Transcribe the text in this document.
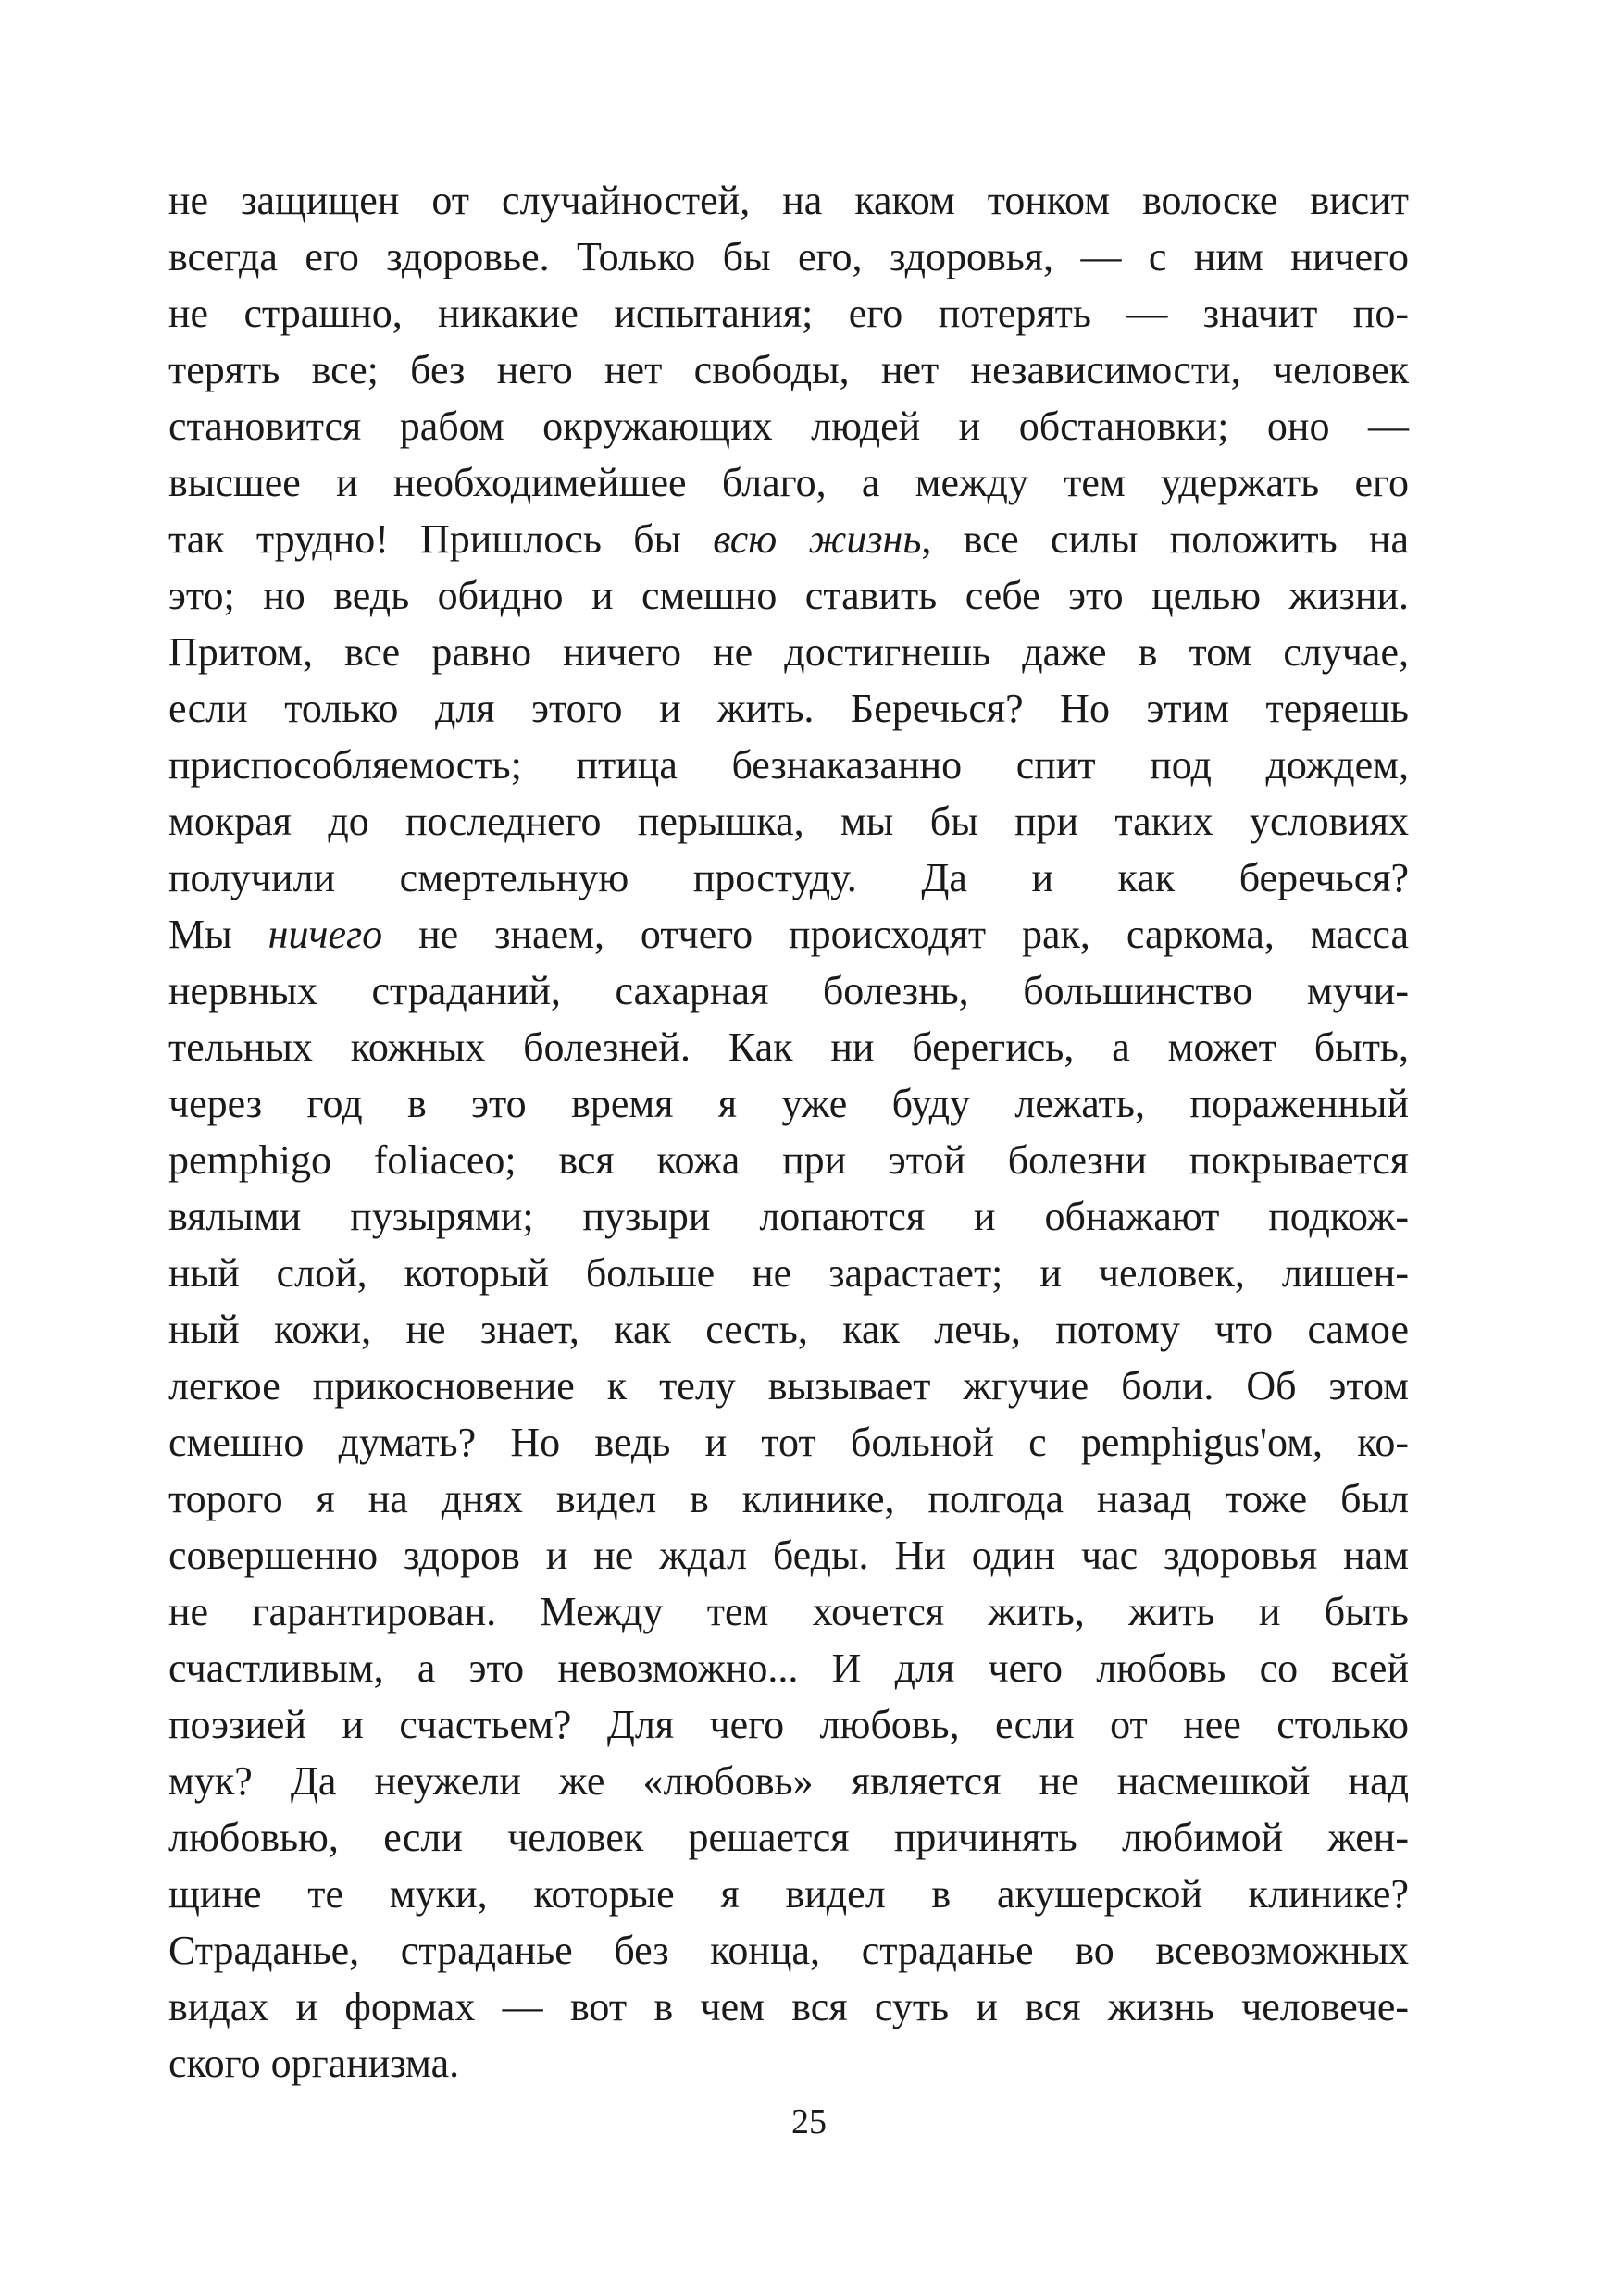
не защищен от случайностей, на каком тонком волоске висит
всегда его здоровье. Только бы его, здоровья, — с ним ничего
не страшно, никакие испытания; его потерять — значит по-
терять все; без него нет свободы, нет независимости, человек
становится рабом окружающих людей и обстановки; оно —
высшее и необходимейшее благо, а между тем удержать его
так трудно! Пришлось бы всю жизнь, все силы положить на
это; но ведь обидно и смешно ставить себе это целью жизни.
Притом, все равно ничего не достигнешь даже в том случае,
если только для этого и жить. Беречься? Но этим теряешь
приспособляемость; птица безнаказанно спит под дождем,
мокрая до последнего перышка, мы бы при таких условиях
получили смертельную простуду. Да и как беречься?
Мы ничего не знаем, отчего происходят рак, саркома, масса
нервных страданий, сахарная болезнь, большинство мучи-
тельных кожных болезней. Как ни берегись, а может быть,
через год в это время я уже буду лежать, пораженный
pemphigo foliaceo; вся кожа при этой болезни покрывается
вялыми пузырями; пузыри лопаются и обнажают подкож-
ный слой, который больше не зарастает; и человек, лишен-
ный кожи, не знает, как сесть, как лечь, потому что самое
легкое прикосновение к телу вызывает жгучие боли. Об этом
смешно думать? Но ведь и тот больной с pemphigus'ом, ко-
торого я на днях видел в клинике, полгода назад тоже был
совершенно здоров и не ждал беды. Ни один час здоровья нам
не гарантирован. Между тем хочется жить, жить и быть
счастливым, а это невозможно... И для чего любовь со всей
поэзией и счастьем? Для чего любовь, если от нее столько
мук? Да неужели же «любовь» является не насмешкой над
любовью, если человек решается причинять любимой жен-
щине те муки, которые я видел в акушерской клинике?
Страданье, страданье без конца, страданье во всевозможных
видах и формах — вот в чем вся суть и вся жизнь человече-
ского организма.
25
